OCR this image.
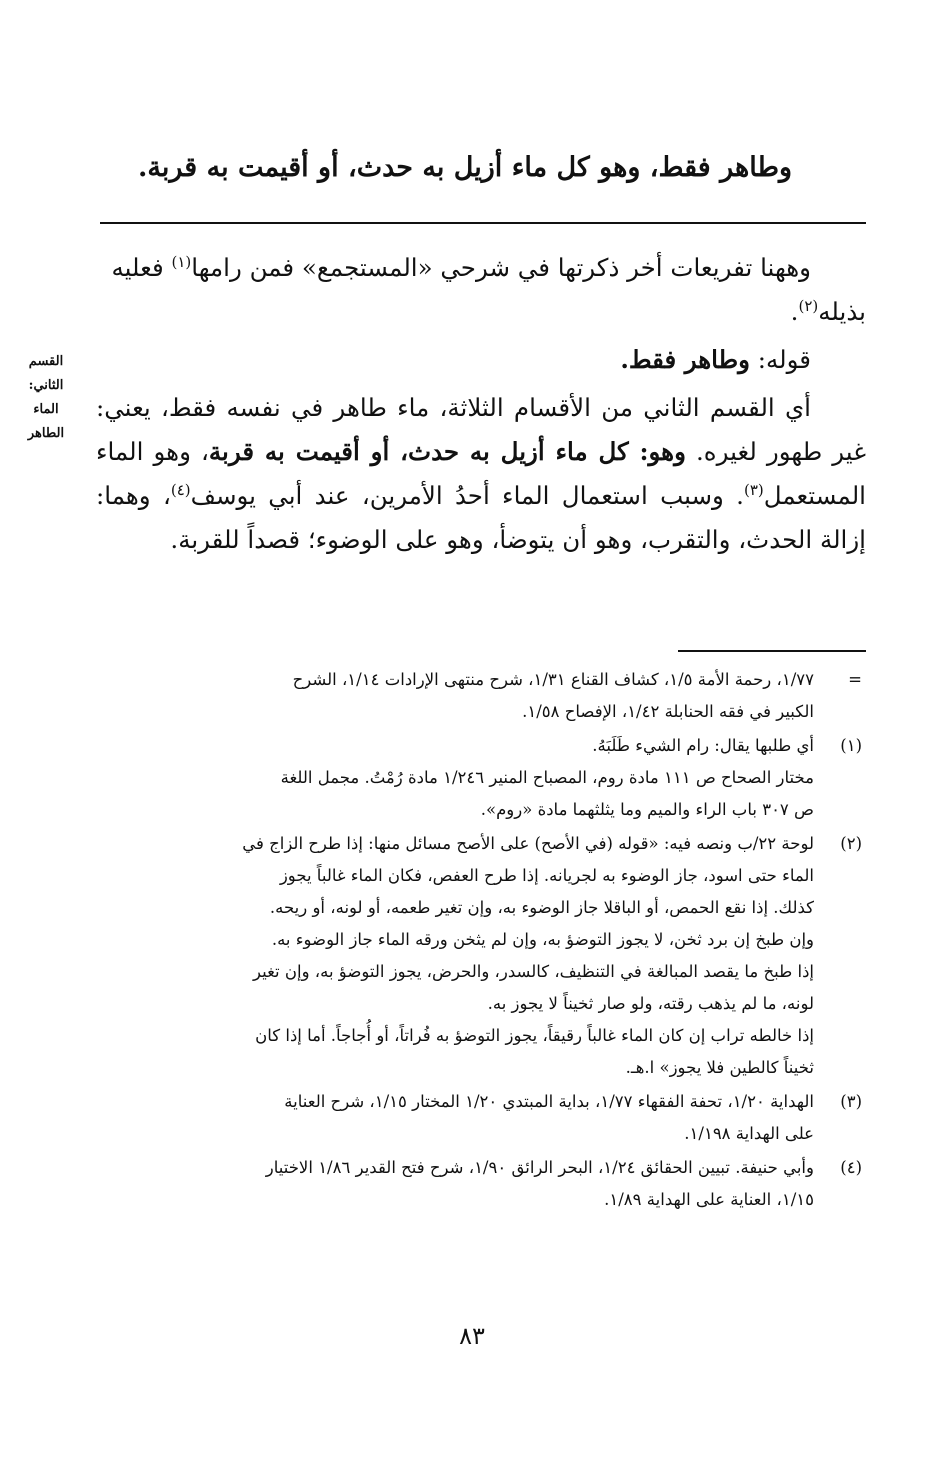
وطاهر فقط، وهو كل ماء أزيل به حدث، أو أقيمت به قربة.

وههنا تفريعات أخر ذكرتها في شرحي «المستجمع» فمن رامها$^{(١)}$ فعليه بذيله$^{(٢)}$.

قوله: وطاهر فقط.

أي القسم الثاني من الأقسام الثلاثة، ماء طاهر في نفسه فقط، يعني: غير طهور لغيره. وهو: كل ماء أزيل به حدث، أو أقيمت به قربة، وهو الماء المستعمل$^{(٣)}$. وسبب استعمال الماء أحدُ الأمرين، عند أبي يوسف$^{(٤)}$، وهما: إزالة الحدث، والتقرب، وهو أن يتوضأ، وهو على الوضوء؛ قصداً للقربة.

القسم
الثاني:
الماء
الطاهر
=
١/٧٧، رحمة الأمة ١/٥، كشاف القناع ١/٣١، شرح منتهى الإرادات ١/١٤، الشرح
الكبير في فقه الحنابلة ١/٤٢، الإفصاح ١/٥٨.
(١)
أي طلبها يقال: رام الشيء طَلَبَهُ.
مختار الصحاح ص ١١١ مادة روم، المصباح المنير ١/٢٤٦ مادة رُمْتُ. مجمل اللغة
ص ٣٠٧ باب الراء والميم وما يثلثهما مادة «روم».
(٢)
لوحة ٢٢/ب ونصه فيه: «قوله (في الأصح) على الأصح مسائل منها: إذا طرح الزاج في
الماء حتى اسود، جاز الوضوء به لجريانه. إذا طرح العفص، فكان الماء غالباً يجوز
كذلك. إذا نقع الحمص، أو الباقلا جاز الوضوء به، وإن تغير طعمه، أو لونه، أو ريحه.
وإن طبخ إن برد ثخن، لا يجوز التوضؤ به، وإن لم يثخن ورقه الماء جاز الوضوء به.
إذا طبخ ما يقصد المبالغة في التنظيف، كالسدر، والحرض، يجوز التوضؤ به، وإن تغير
لونه، ما لم يذهب رقته، ولو صار ثخيناً لا يجوز به.
إذا خالطه تراب إن كان الماء غالباً رقيقاً، يجوز التوضؤ به فُراتاً، أو أُجاجاً. أما إذا كان
ثخيناً كالطين فلا يجوز» ا.هـ.
(٣)
الهداية ١/٢٠، تحفة الفقهاء ١/٧٧، بداية المبتدي ١/٢٠ المختار ١/١٥، شرح العناية
على الهداية ١/١٩٨.
(٤)
وأبي حنيفة. تبيين الحقائق ١/٢٤، البحر الرائق ١/٩٠، شرح فتح القدير ١/٨٦ الاختيار
١/١٥، العناية على الهداية ١/٨٩.
٨٣
